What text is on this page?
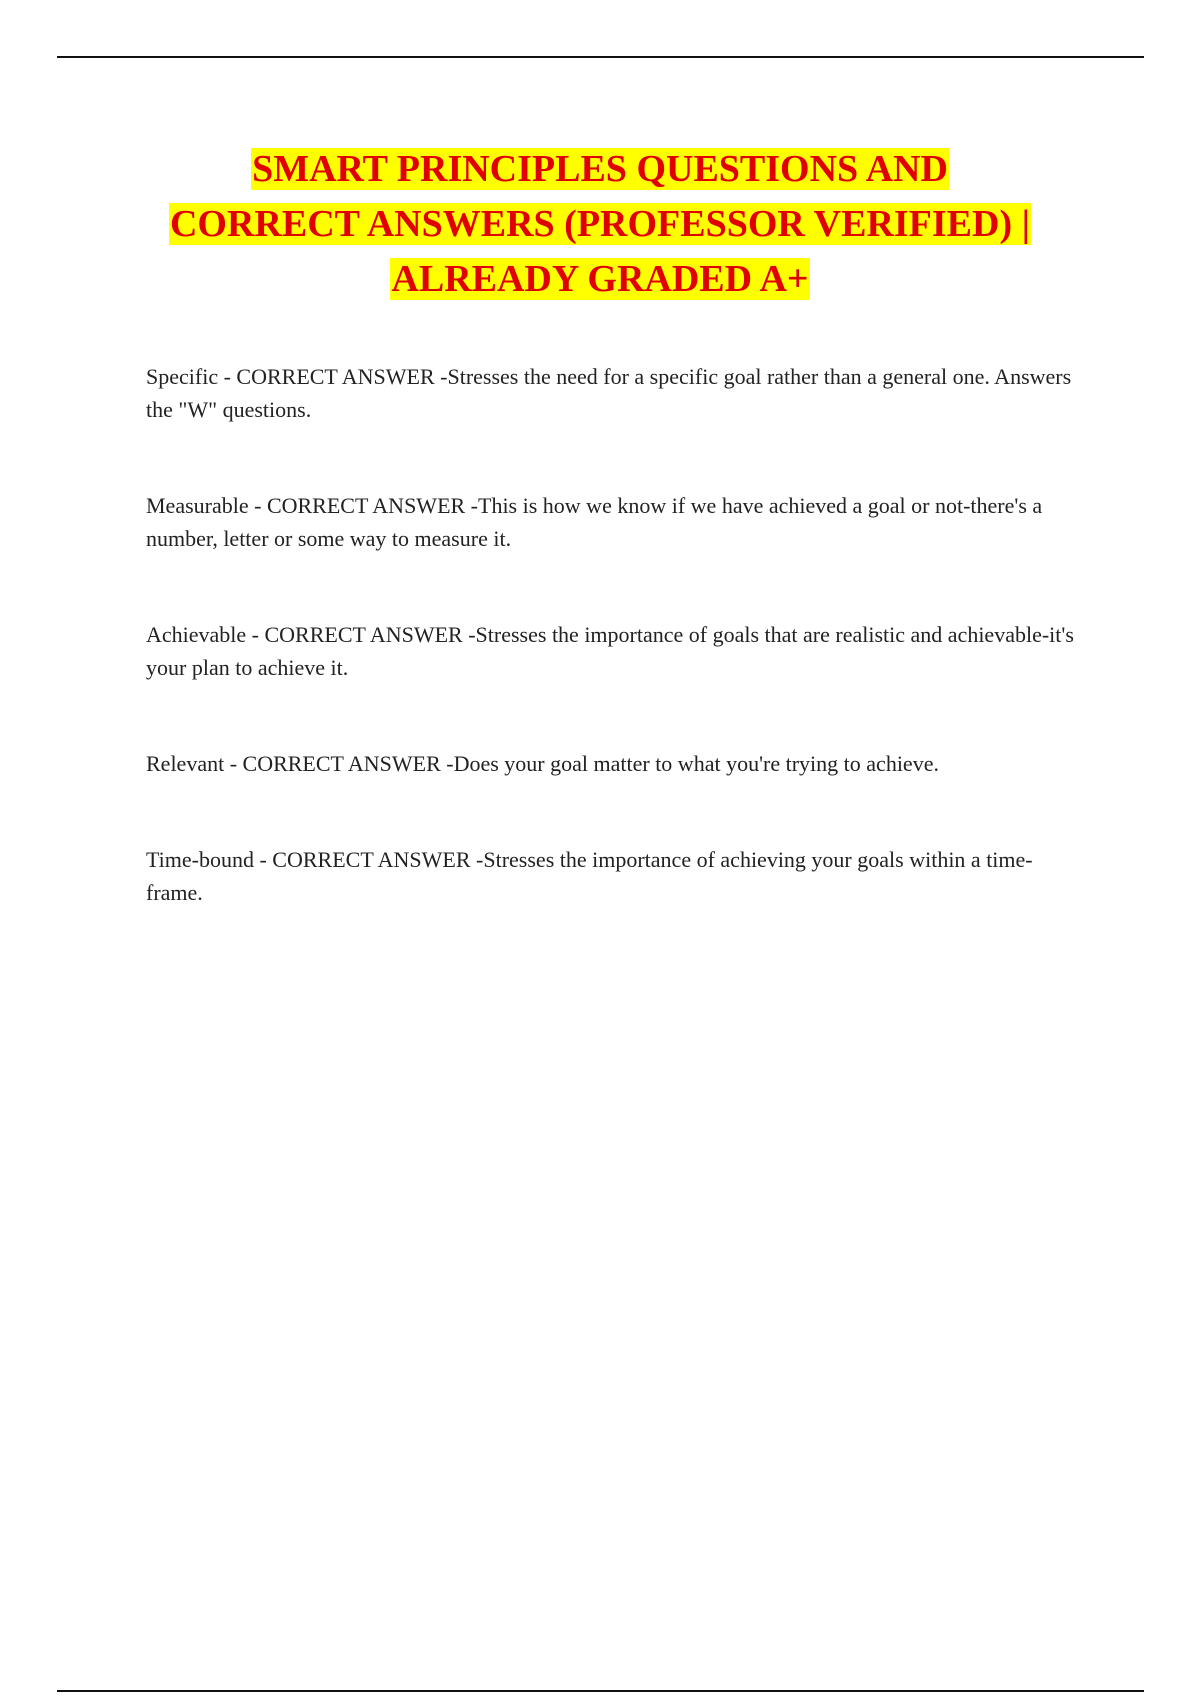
SMART PRINCIPLES QUESTIONS AND
CORRECT ANSWERS (PROFESSOR VERIFIED) |
ALREADY GRADED A+

Specific - CORRECT ANSWER -Stresses the need for a specific goal rather than a general one. Answers the "W" questions.

Measurable - CORRECT ANSWER -This is how we know if we have achieved a goal or not-there's a number, letter or some way to measure it.

Achievable - CORRECT ANSWER -Stresses the importance of goals that are realistic and achievable-it's your plan to achieve it.

Relevant - CORRECT ANSWER -Does your goal matter to what you're trying to achieve.

Time-bound - CORRECT ANSWER -Stresses the importance of achieving your goals within a time-frame.
